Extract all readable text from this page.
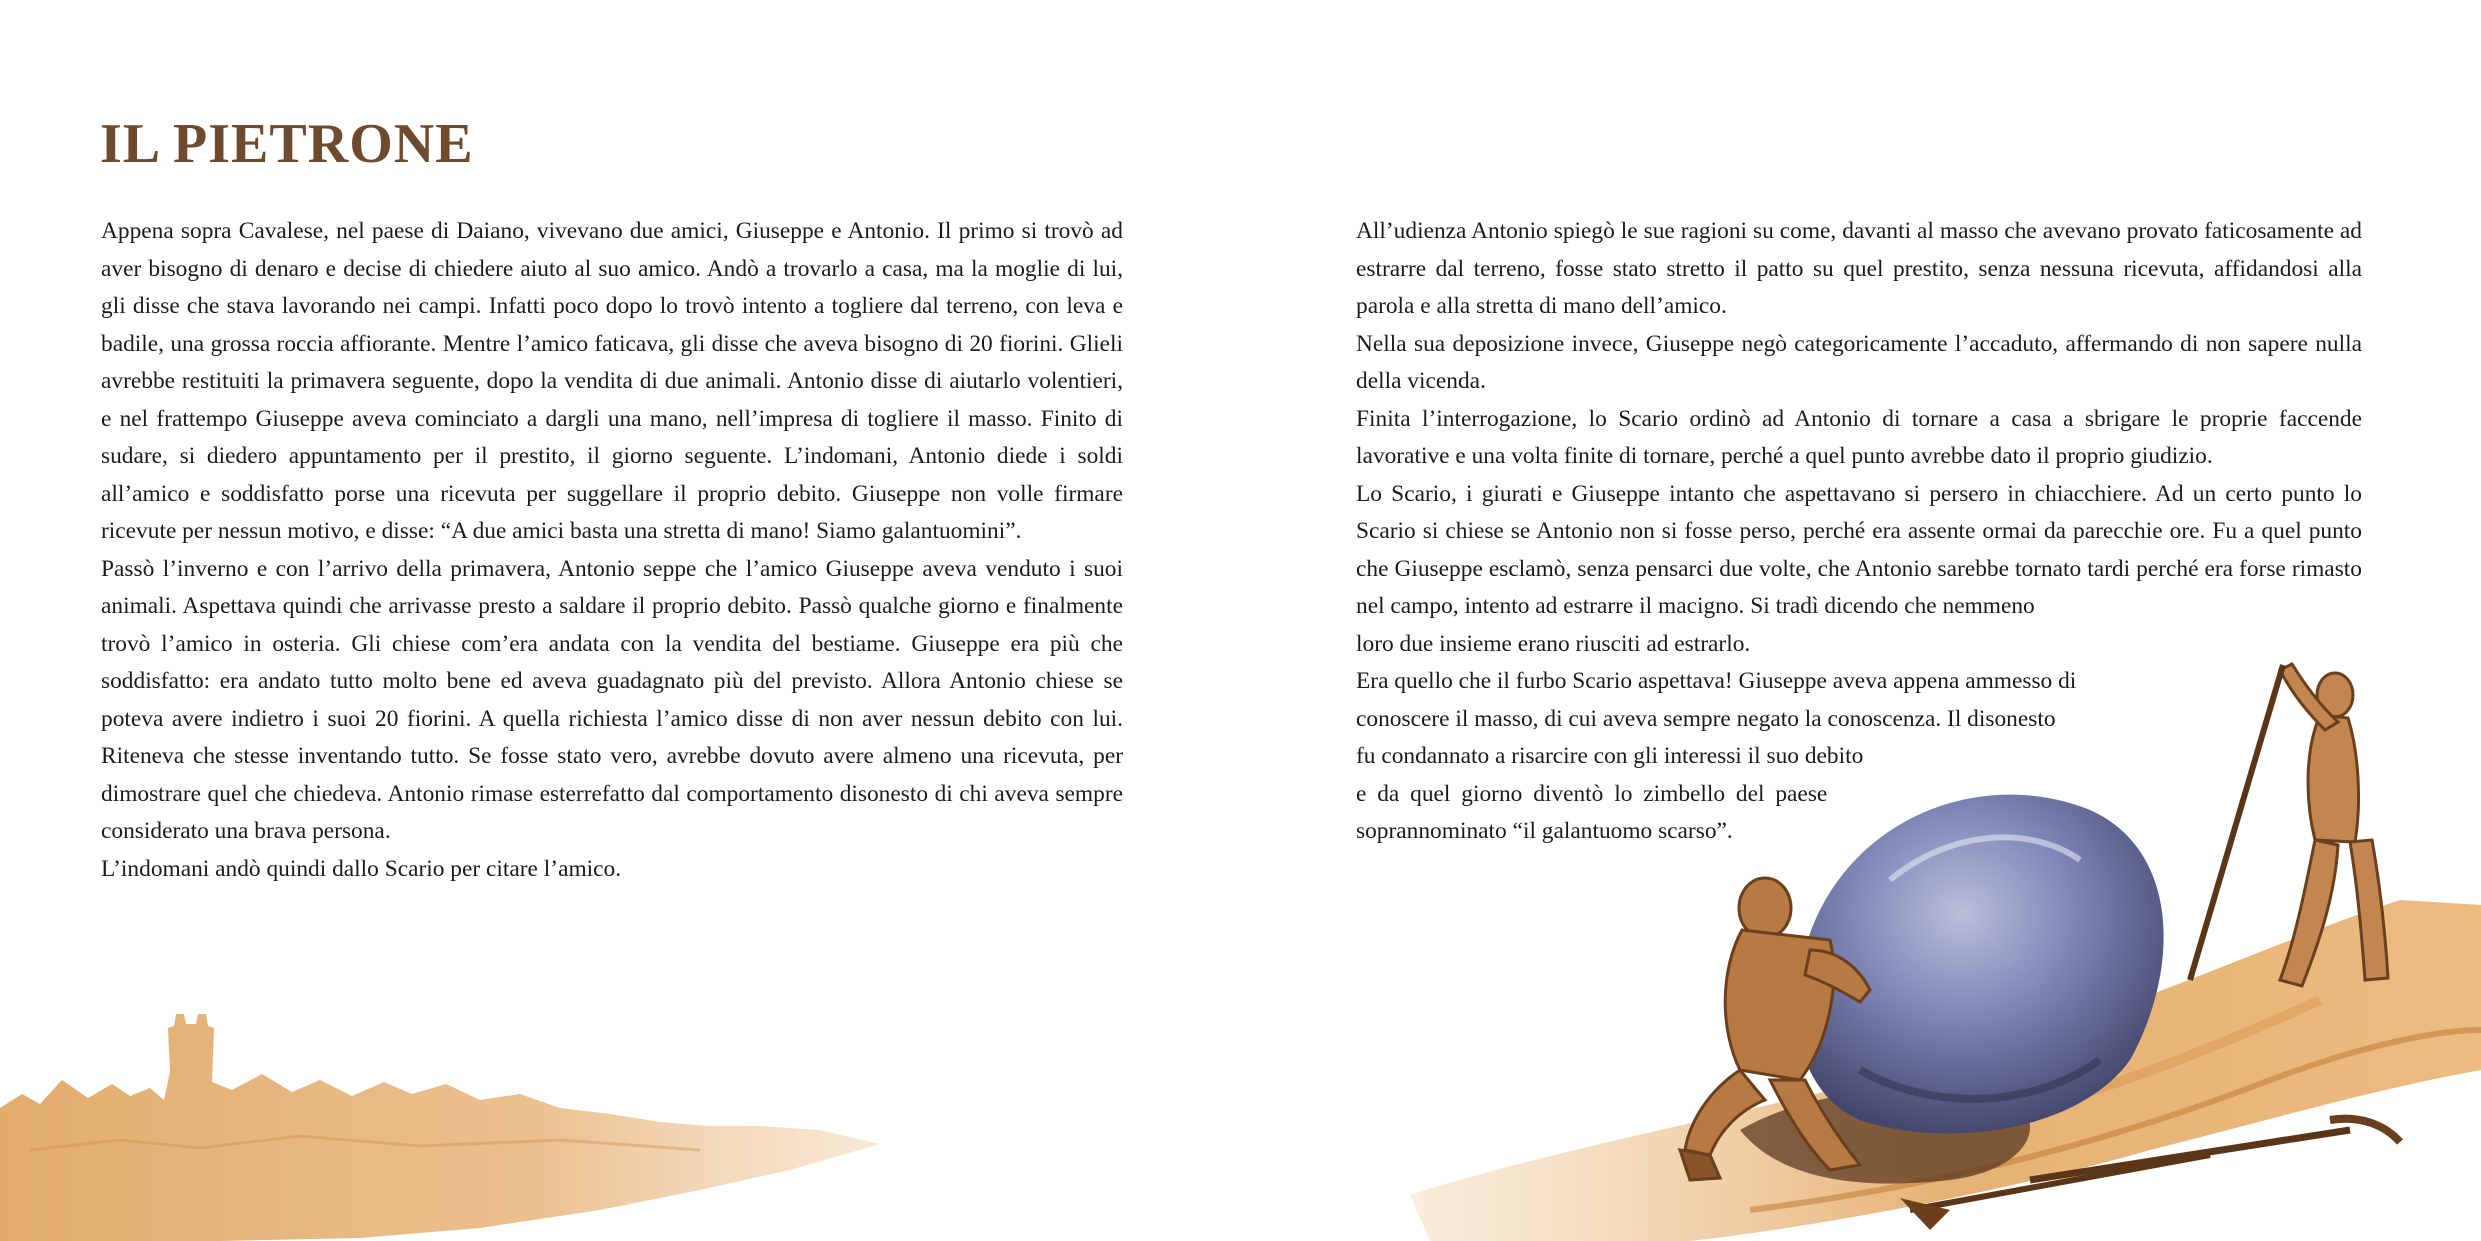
IL PIETRONE

Appena sopra Cavalese, nel paese di Daiano, vivevano due amici, Giuseppe e Antonio. Il primo si trovò ad aver bisogno di denaro e decise di chiedere aiuto al suo amico. Andò a trovarlo a casa, ma la moglie di lui, gli disse che stava lavorando nei campi. Infatti poco dopo lo trovò intento a togliere dal terreno, con leva e badile, una grossa roccia affiorante. Mentre l’amico faticava, gli disse che aveva bisogno di 20 fiorini. Glieli avrebbe restituiti la primavera seguente, dopo la vendita di due animali. Antonio disse di aiutarlo volentieri, e nel frattempo Giuseppe aveva cominciato a dargli una mano, nell’impresa di togliere il masso. Finito di sudare, si diedero appuntamento per il prestito, il giorno seguente. L’indomani, Antonio diede i soldi all’amico e soddisfatto porse una ricevuta per suggellare il proprio debito. Giuseppe non volle firmare ricevute per nessun motivo, e disse: “A due amici basta una stretta di mano! Siamo galantuomini”.

Passò l’inverno e con l’arrivo della primavera, Antonio seppe che l’amico Giuseppe aveva venduto i suoi animali. Aspettava quindi che arrivasse presto a saldare il proprio debito. Passò qualche giorno e finalmente trovò l’amico in osteria. Gli chiese com’era andata con la vendita del bestiame. Giuseppe era più che soddisfatto: era andato tutto molto bene ed aveva guadagnato più del previsto. Allora Antonio chiese se poteva avere indietro i suoi 20 fiorini. A quella richiesta l’amico disse di non aver nessun debito con lui. Riteneva che stesse inventando tutto. Se fosse stato vero, avrebbe dovuto avere almeno una ricevuta, per dimostrare quel che chiedeva. Antonio rimase esterrefatto dal comportamento disonesto di chi aveva sempre considerato una brava persona.

L’indomani andò quindi dallo Scario per citare l’amico.

All’udienza Antonio spiegò le sue ragioni su come, davanti al masso che avevano provato faticosamente ad estrarre dal terreno, fosse stato stretto il patto su quel prestito, senza nessuna ricevuta, affidandosi alla parola e alla stretta di mano dell’amico.

Nella sua deposizione invece, Giuseppe negò categoricamente l’accaduto, affermando di non sapere nulla della vicenda.

Finita l’interrogazione, lo Scario ordinò ad Antonio di tornare a casa a sbrigare le proprie faccende lavorative e una volta finite di tornare, perché a quel punto avrebbe dato il proprio giudizio.

Lo Scario, i giurati e Giuseppe intanto che aspettavano si persero in chiacchiere. Ad un certo punto lo Scario si chiese se Antonio non si fosse perso, perché era assente ormai da parecchie ore. Fu a quel punto che Giuseppe esclamò, senza pensarci due volte, che Antonio sarebbe tornato tardi perché era forse rimasto nel campo, intento ad estrarre il macigno. Si tradì dicendo che nemmeno

loro due insieme erano riusciti ad estrarlo.
Era quello che il furbo Scario aspettava! Giuseppe aveva appena ammesso di
conoscere il masso, di cui aveva sempre negato la conoscenza. Il disonesto
fu condannato a risarcire con gli interessi il suo debito
e da quel giorno diventò lo zimbello del paese
soprannominato “il galantuomo scarso”.
